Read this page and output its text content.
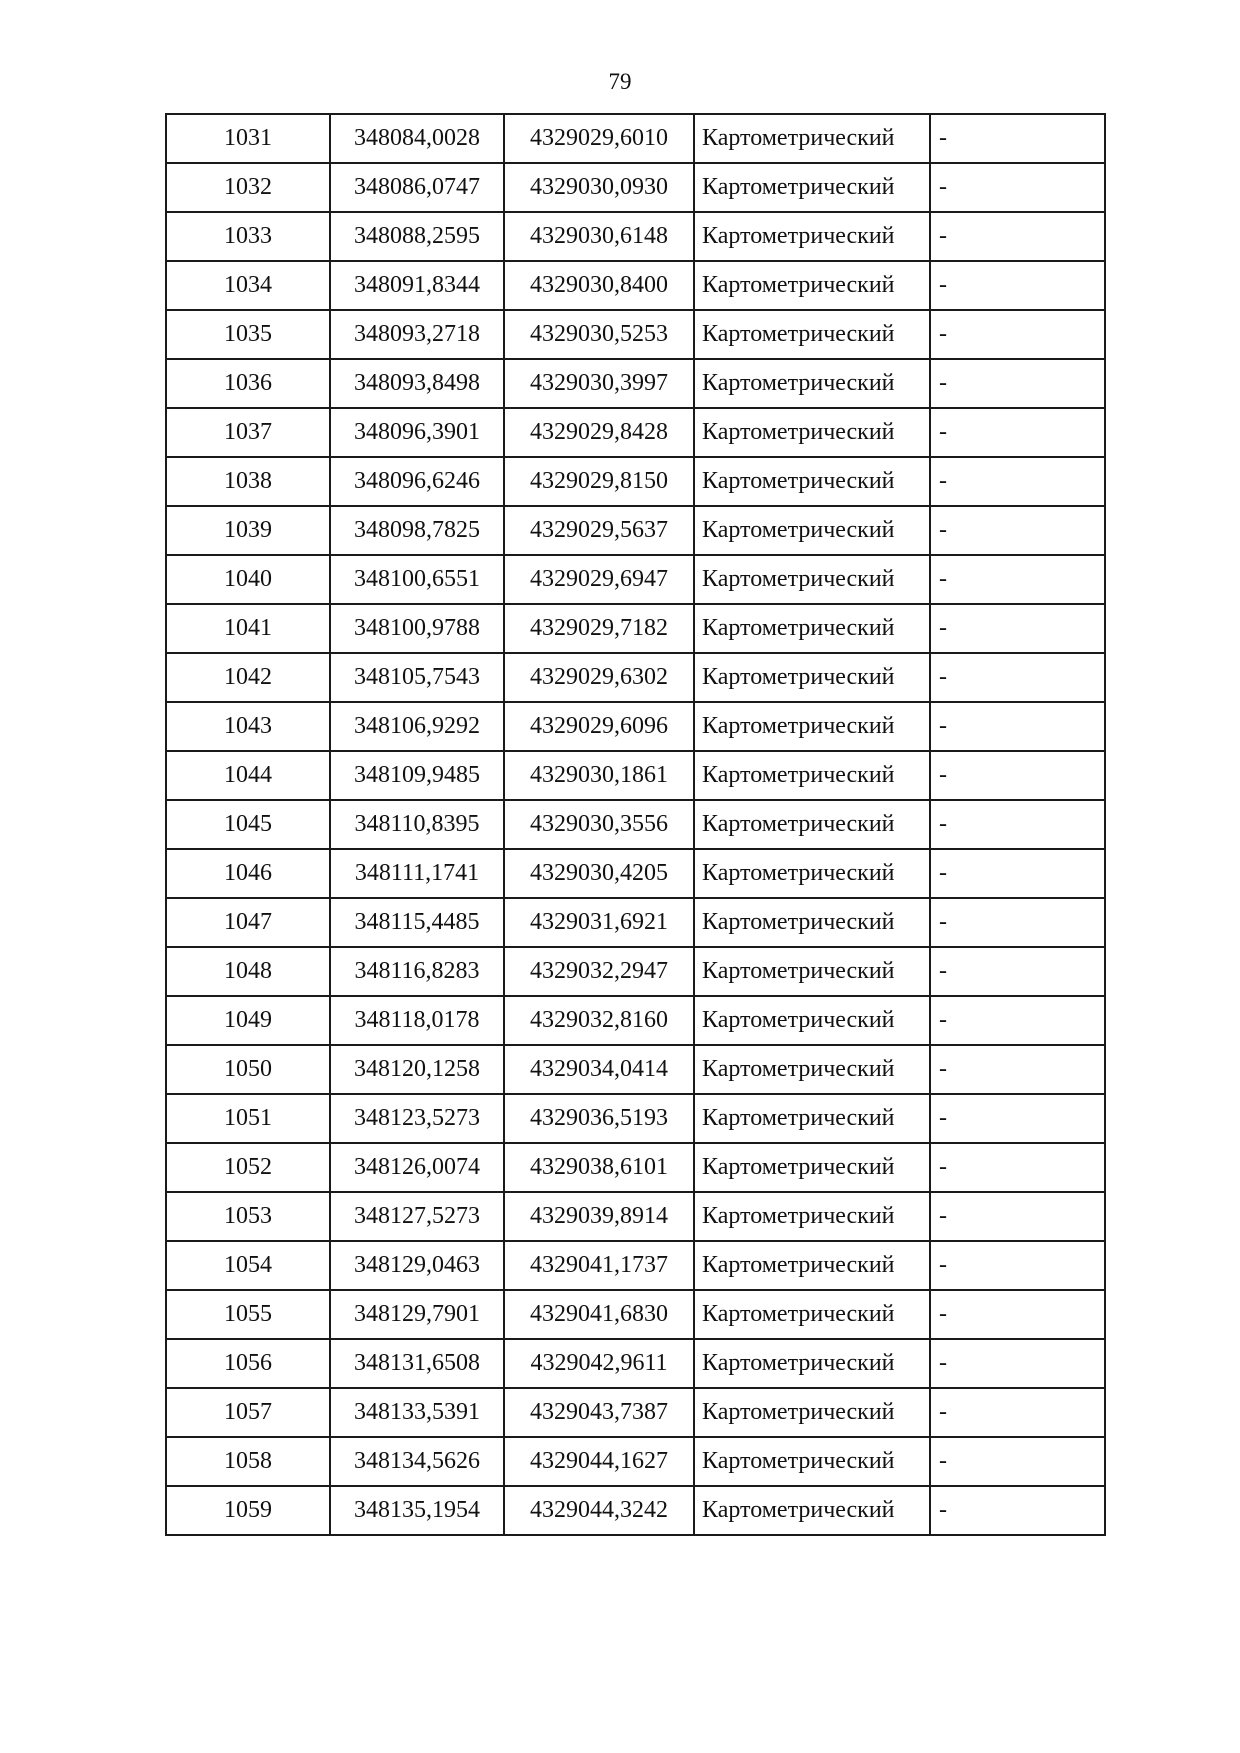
79
1031	348084,0028	4329029,6010	Картометрический	-
1032	348086,0747	4329030,0930	Картометрический	-
1033	348088,2595	4329030,6148	Картометрический	-
1034	348091,8344	4329030,8400	Картометрический	-
1035	348093,2718	4329030,5253	Картометрический	-
1036	348093,8498	4329030,3997	Картометрический	-
1037	348096,3901	4329029,8428	Картометрический	-
1038	348096,6246	4329029,8150	Картометрический	-
1039	348098,7825	4329029,5637	Картометрический	-
1040	348100,6551	4329029,6947	Картометрический	-
1041	348100,9788	4329029,7182	Картометрический	-
1042	348105,7543	4329029,6302	Картометрический	-
1043	348106,9292	4329029,6096	Картометрический	-
1044	348109,9485	4329030,1861	Картометрический	-
1045	348110,8395	4329030,3556	Картометрический	-
1046	348111,1741	4329030,4205	Картометрический	-
1047	348115,4485	4329031,6921	Картометрический	-
1048	348116,8283	4329032,2947	Картометрический	-
1049	348118,0178	4329032,8160	Картометрический	-
1050	348120,1258	4329034,0414	Картометрический	-
1051	348123,5273	4329036,5193	Картометрический	-
1052	348126,0074	4329038,6101	Картометрический	-
1053	348127,5273	4329039,8914	Картометрический	-
1054	348129,0463	4329041,1737	Картометрический	-
1055	348129,7901	4329041,6830	Картометрический	-
1056	348131,6508	4329042,9611	Картометрический	-
1057	348133,5391	4329043,7387	Картометрический	-
1058	348134,5626	4329044,1627	Картометрический	-
1059	348135,1954	4329044,3242	Картометрический	-
